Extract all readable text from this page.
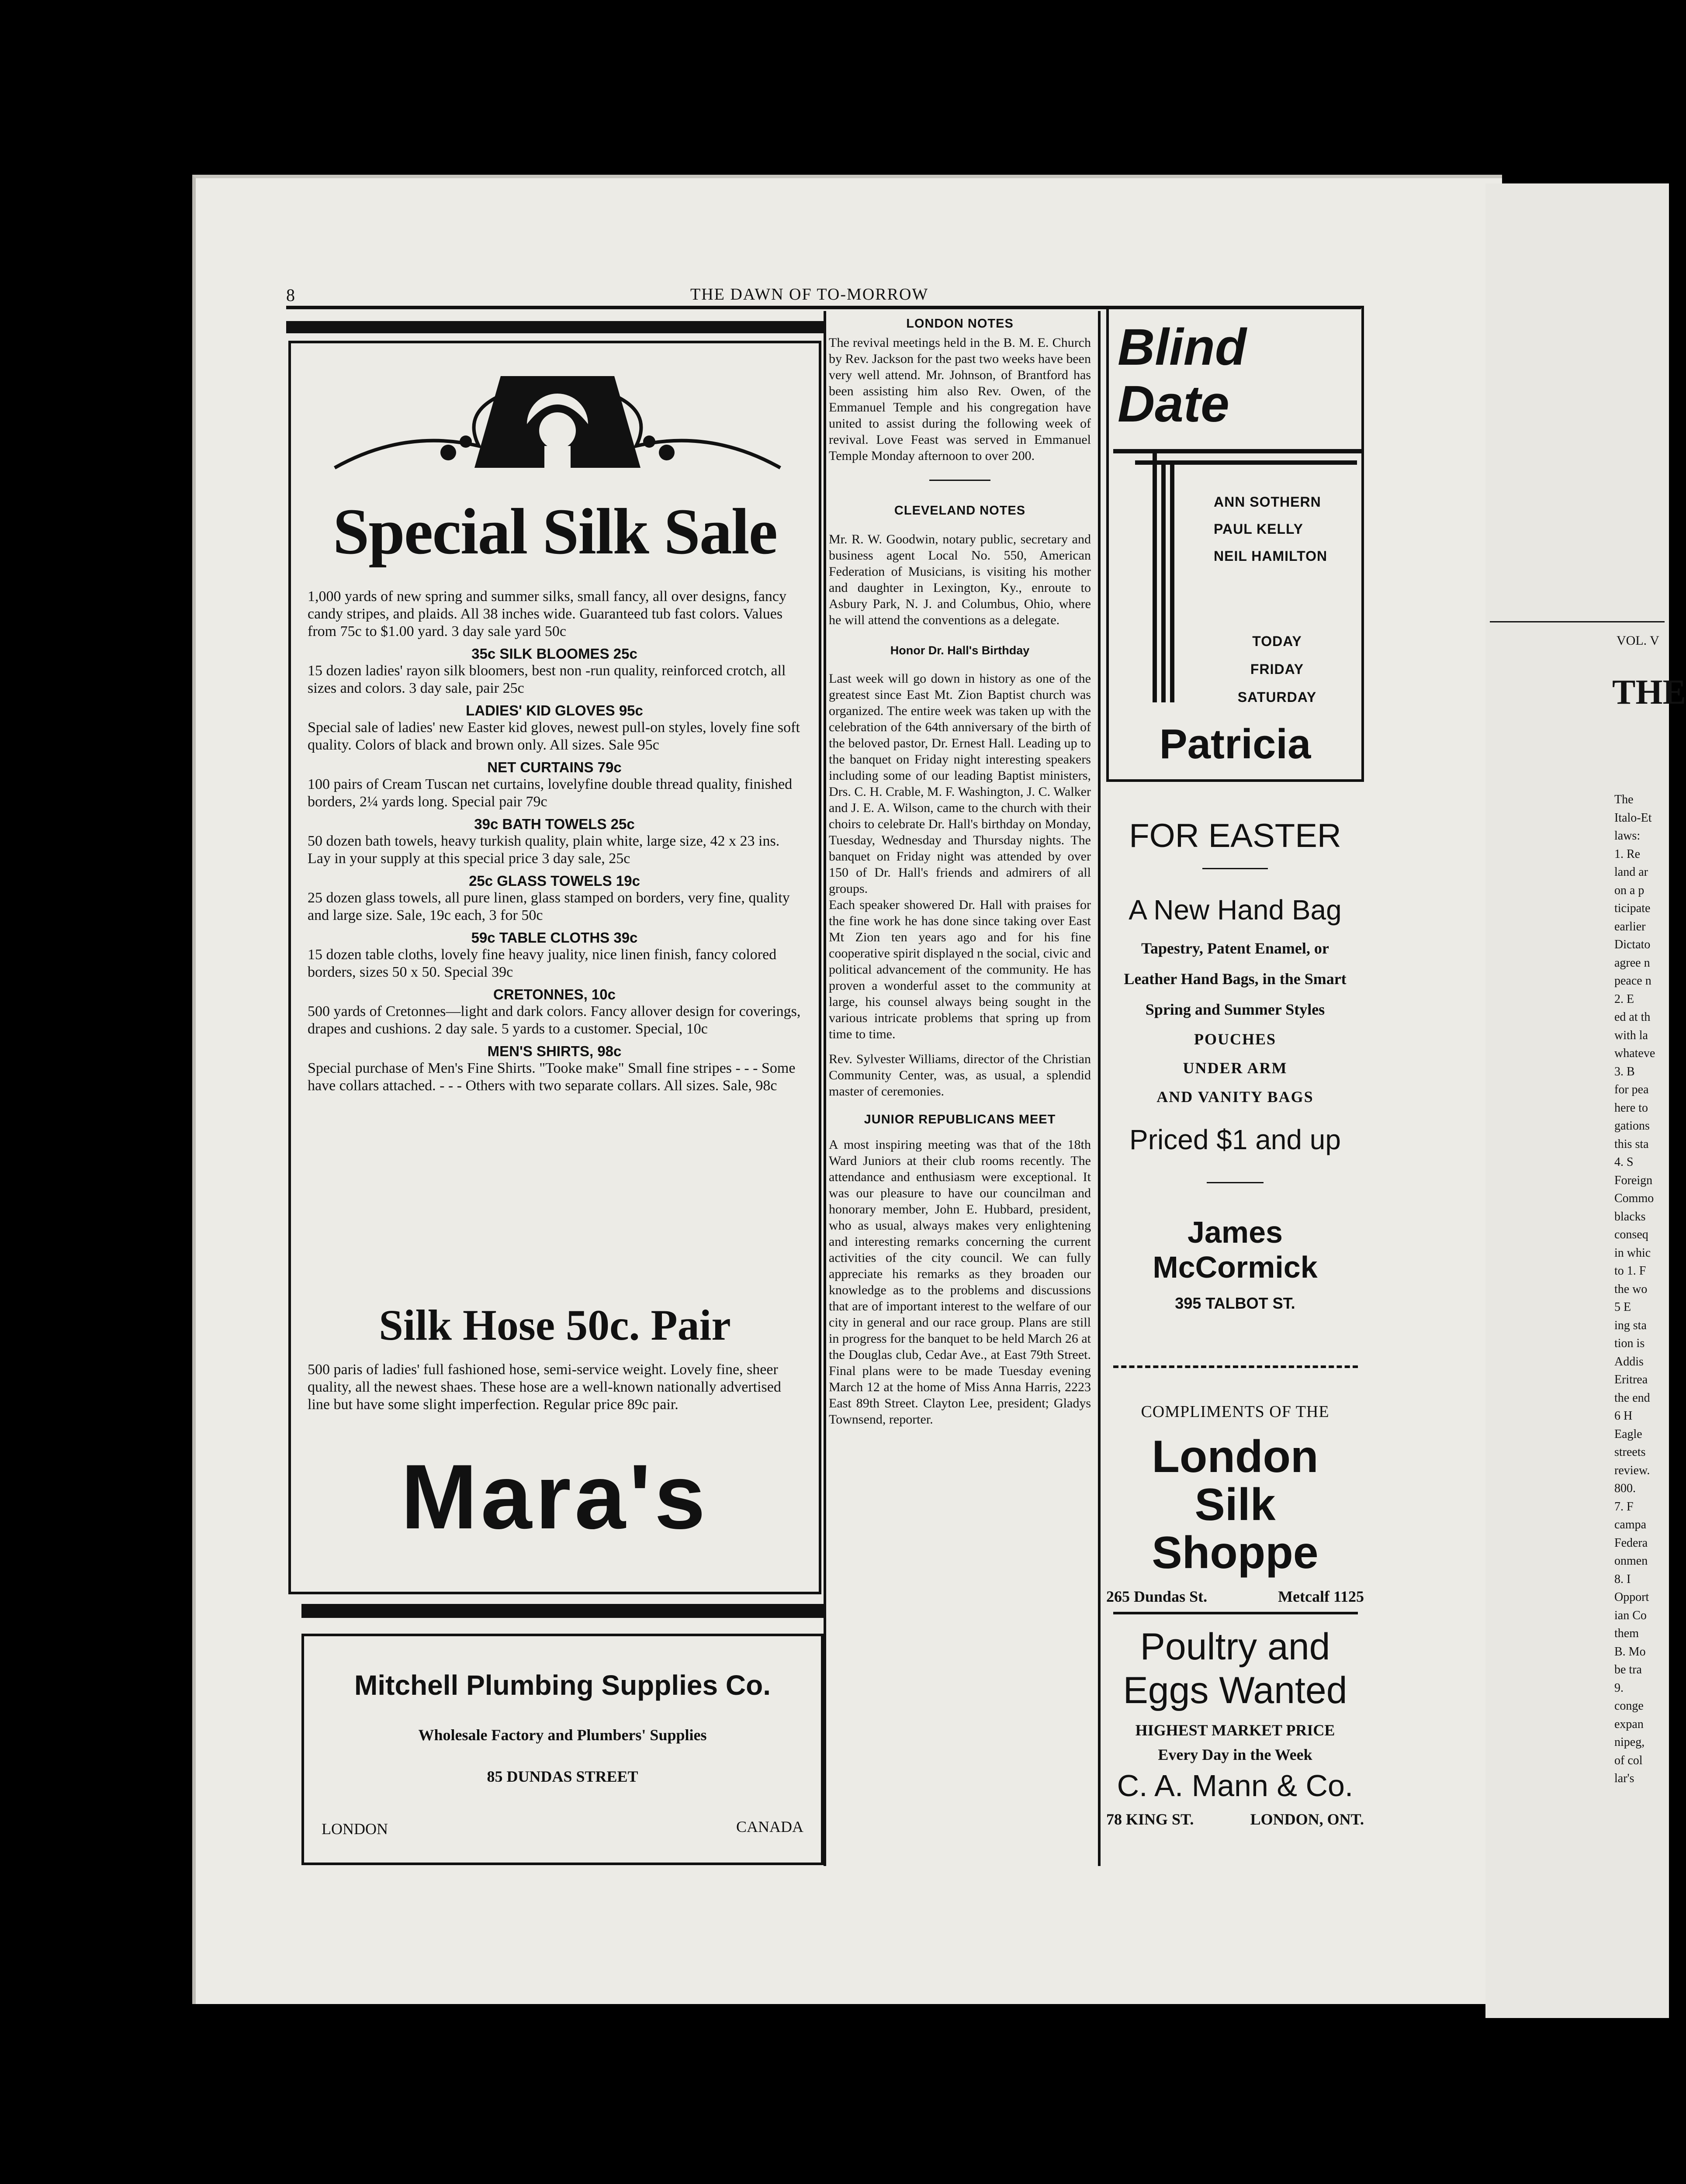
8	THE DAWN OF TO-MORROW
Special Silk Sale

1,000 yards of new spring and summer silks, small fancy, all over designs, fancy candy stripes, and plaids. All 38 inches wide. Guaranteed tub fast colors. Values from 75c to $1.00 yard. 3 day sale yard 50c

35c SILK BLOOMES 25c

15 dozen ladies' rayon silk bloomers, best non -run quality, reinforced crotch, all sizes and colors. 3 day sale, pair 25c

LADIES' KID GLOVES 95c

Special sale of ladies' new Easter kid gloves, newest pull-on styles, lovely fine soft quality. Colors of black and brown only. All sizes. Sale 95c

NET CURTAINS 79c

100 pairs of Cream Tuscan net curtains, lovelyfine double thread quality, finished borders, 2¼ yards long. Special pair 79c

39c BATH TOWELS 25c

50 dozen bath towels, heavy turkish quality, plain white, large size, 42 x 23 ins. Lay in your supply at this special price 3 day sale, 25c

25c GLASS TOWELS 19c

25 dozen glass towels, all pure linen, glass stamped on borders, very fine, quality and large size. Sale, 19c each, 3 for 50c

59c TABLE CLOTHS 39c

15 dozen table cloths, lovely fine heavy juality, nice linen finish, fancy colored borders, sizes 50 x 50. Special 39c

CRETONNES, 10c

500 yards of Cretonnes—light and dark colors. Fancy allover design for coverings, drapes and cushions. 2 day sale. 5 yards to a customer. Special, 10c

MEN'S SHIRTS, 98c

Special purchase of Men's Fine Shirts. "Tooke make" Small fine stripes - - - Some have collars attached. - - - Others with two separate collars. All sizes. Sale, 98c

Silk Hose 50c. Pair

500 paris of ladies' full fashioned hose, semi-service weight. Lovely fine, sheer quality, all the newest shaes. These hose are a well-known nationally advertised line but have some slight imperfection. Regular price 89c pair.

Mara's
Mitchell Plumbing Supplies Co.
Wholesale Factory and Plumbers' Supplies
85 DUNDAS STREET
LONDON	CANADA
LONDON NOTES

The revival meetings held in the B. M. E. Church by Rev. Jackson for the past two weeks have been very well attend. Mr. Johnson, of Brantford has been assisting him also Rev. Owen, of the Emmanuel Temple and his congregation have united to assist during the following week of revival. Love Feast was served in Emmanuel Temple Monday afternoon to over 200.

CLEVELAND NOTES

Mr. R. W. Goodwin, notary public, secretary and business agent Local No. 550, American Federation of Musicians, is visiting his mother and daughter in Lexington, Ky., enroute to Asbury Park, N. J. and Columbus, Ohio, where he will attend the conventions as a delegate.

Honor Dr. Hall's Birthday

Last week will go down in history as one of the greatest since East Mt. Zion Baptist church was organized. The entire week was taken up with the celebration of the 64th anniversary of the birth of the beloved pastor, Dr. Ernest Hall. Leading up to the banquet on Friday night interesting speakers including some of our leading Baptist ministers, Drs. C. H. Crable, M. F. Washington, J. C. Walker and J. E. A. Wilson, came to the church with their choirs to celebrate Dr. Hall's birthday on Monday, Tuesday, Wednesday and Thursday nights. The banquet on Friday night was attended by over 150 of Dr. Hall's friends and admirers of all groups.

Each speaker showered Dr. Hall with praises for the fine work he has done since taking over East Mt Zion ten years ago and for his fine cooperative spirit displayed n the social, civic and political advancement of the community. He has proven a wonderful asset to the community at large, his counsel always being sought in the various intricate problems that spring up from time to time.

Rev. Sylvester Williams, director of the Christian Community Center, was, as usual, a splendid master of ceremonies.

JUNIOR REPUBLICANS MEET

A most inspiring meeting was that of the 18th Ward Juniors at their club rooms recently. The attendance and enthusiasm were exceptional. It was our pleasure to have our councilman and honorary member, John E. Hubbard, president, who as usual, always makes very enlightening and interesting remarks concerning the current activities of the city council. We can fully appreciate his remarks as they broaden our knowledge as to the problems and discussions that are of important interest to the welfare of our city in general and our race group. Plans are still in progress for the banquet to be held March 26 at the Douglas club, Cedar Ave., at East 79th Street. Final plans were to be made Tuesday evening March 12 at the home of Miss Anna Harris, 2223 East 89th Street. Clayton Lee, president; Gladys Townsend, reporter.

Blind
Date
ANN SOTHERN
PAUL KELLY
NEIL HAMILTON
TODAY
FRIDAY
SATURDAY
Patricia
FOR EASTER
A New Hand Bag
Tapestry, Patent Enamel, or
Leather Hand Bags, in the Smart
Spring and Summer Styles
POUCHES
UNDER ARM
AND VANITY BAGS
Priced $1 and up
James McCormick
395 TALBOT ST.
COMPLIMENTS OF THE
London
Silk Shoppe
265 Dundas St.	Metcalf 1125
Poultry and
Eggs Wanted
HIGHEST MARKET PRICE
Every Day in the Week
C. A. Mann & Co.
78 KING ST.	LONDON, ONT.
VOL. V
THE
The
Italo-Et
laws:
1. Re
land ar
on a p
ticipate
earlier
Dictato
agree n
peace n
2. E
ed at th
with la
whateve
3. B
for pea
here to
gations
this sta
4. S
Foreign
Commo
blacks
conseq
in whic
to 1. F
the wo
5 E
ing sta
tion is
Addis
Eritrea
the end
6 H
Eagle
streets
review.
800.
7. F
campa
Federa
onmen
8. I
Opport
ian Co
them
B. Mo
be tra
9.
conge
expan
nipeg,
of col
lar's
